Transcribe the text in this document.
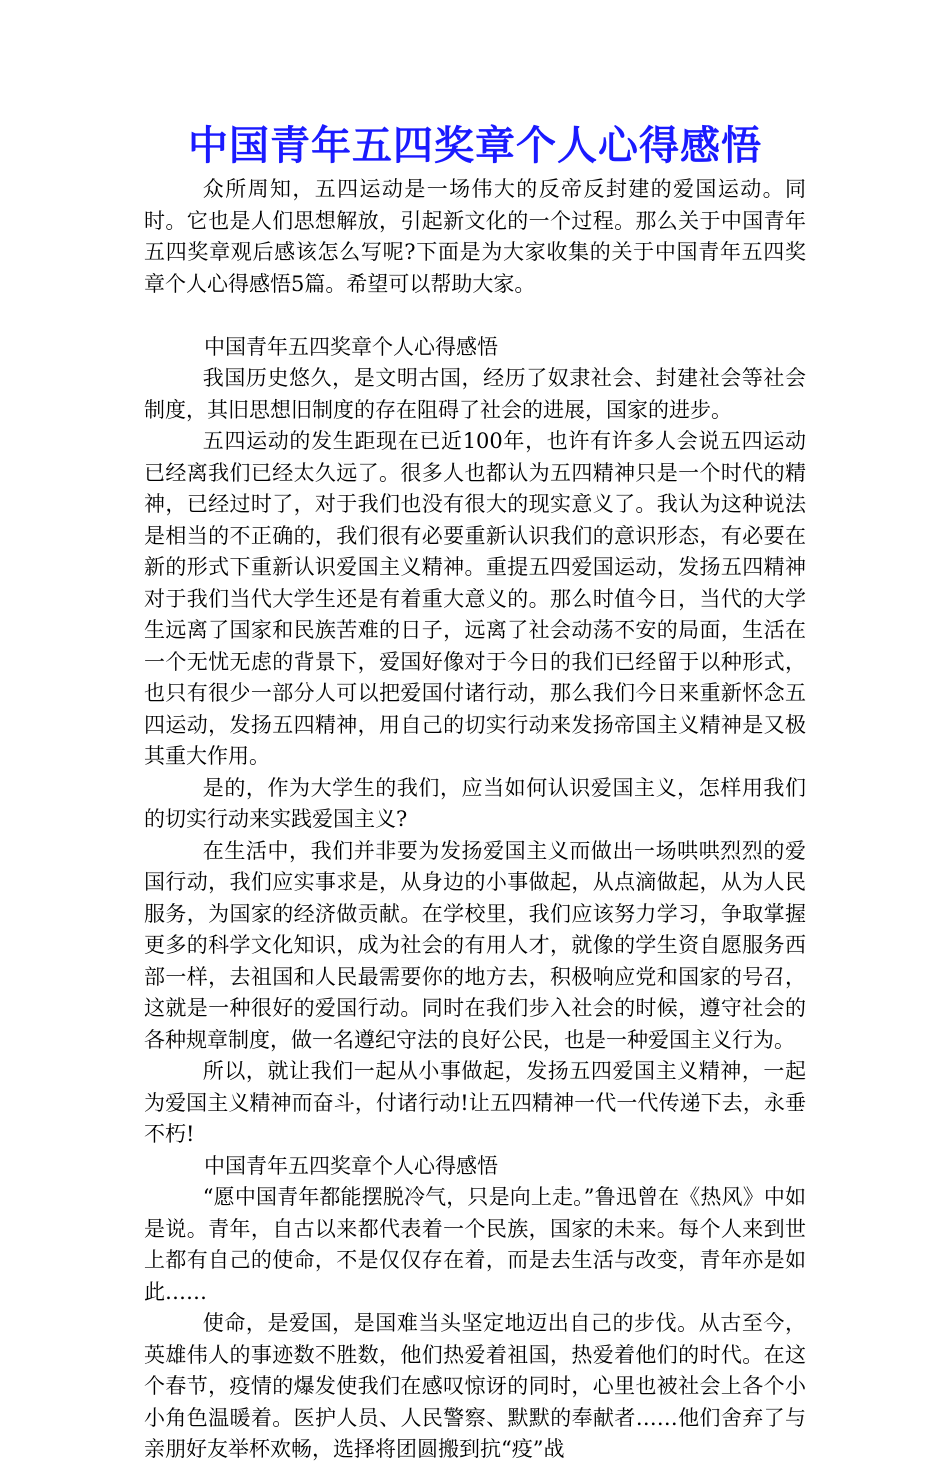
中国青年五四奖章个人心得感悟

众所周知，五四运动是一场伟大的反帝反封建的爱国运动。同时。它也是人们思想解放，引起新文化的一个过程。那么关于中国青年五四奖章观后感该怎么写呢?下面是为大家收集的关于中国青年五四奖章个人心得感悟5篇。希望可以帮助大家。

中国青年五四奖章个人心得感悟

我国历史悠久，是文明古国，经历了奴隶社会、封建社会等社会制度，其旧思想旧制度的存在阻碍了社会的进展，国家的进步。

五四运动的发生距现在已近100年，也许有许多人会说五四运动已经离我们已经太久远了。很多人也都认为五四精神只是一个时代的精神，已经过时了，对于我们也没有很大的现实意义了。我认为这种说法是相当的不正确的，我们很有必要重新认识我们的意识形态，有必要在新的形式下重新认识爱国主义精神。重提五四爱国运动，发扬五四精神对于我们当代大学生还是有着重大意义的。那么时值今日，当代的大学生远离了国家和民族苦难的日子，远离了社会动荡不安的局面，生活在一个无忧无虑的背景下，爱国好像对于今日的我们已经留于以种形式，也只有很少一部分人可以把爱国付诸行动，那么我们今日来重新怀念五四运动，发扬五四精神，用自己的切实行动来发扬帝国主义精神是又极其重大作用。

是的，作为大学生的我们，应当如何认识爱国主义，怎样用我们的切实行动来实践爱国主义?

在生活中，我们并非要为发扬爱国主义而做出一场哄哄烈烈的爱国行动，我们应实事求是，从身边的小事做起，从点滴做起，从为人民服务，为国家的经济做贡献。在学校里，我们应该努力学习，争取掌握更多的科学文化知识，成为社会的有用人才，就像的学生资自愿服务西部一样，去祖国和人民最需要你的地方去，积极响应党和国家的号召，这就是一种很好的爱国行动。同时在我们步入社会的时候，遵守社会的各种规章制度，做一名遵纪守法的良好公民，也是一种爱国主义行为。

所以，就让我们一起从小事做起，发扬五四爱国主义精神，一起为爱国主义精神而奋斗，付诸行动!让五四精神一代一代传递下去，永垂不朽!

中国青年五四奖章个人心得感悟

“愿中国青年都能摆脱冷气，只是向上走。”鲁迅曾在《热风》中如是说。青年，自古以来都代表着一个民族，国家的未来。每个人来到世上都有自己的使命，不是仅仅存在着，而是去生活与改变，青年亦是如此……

使命，是爱国，是国难当头坚定地迈出自己的步伐。从古至今，英雄伟人的事迹数不胜数，他们热爱着祖国，热爱着他们的时代。在这个春节，疫情的爆发使我们在感叹惊讶的同时，心里也被社会上各个小小角色温暖着。医护人员、人民警察、默默的奉献者……他们舍弃了与亲朋好友举杯欢畅，选择将团圆搬到抗“疫”战
